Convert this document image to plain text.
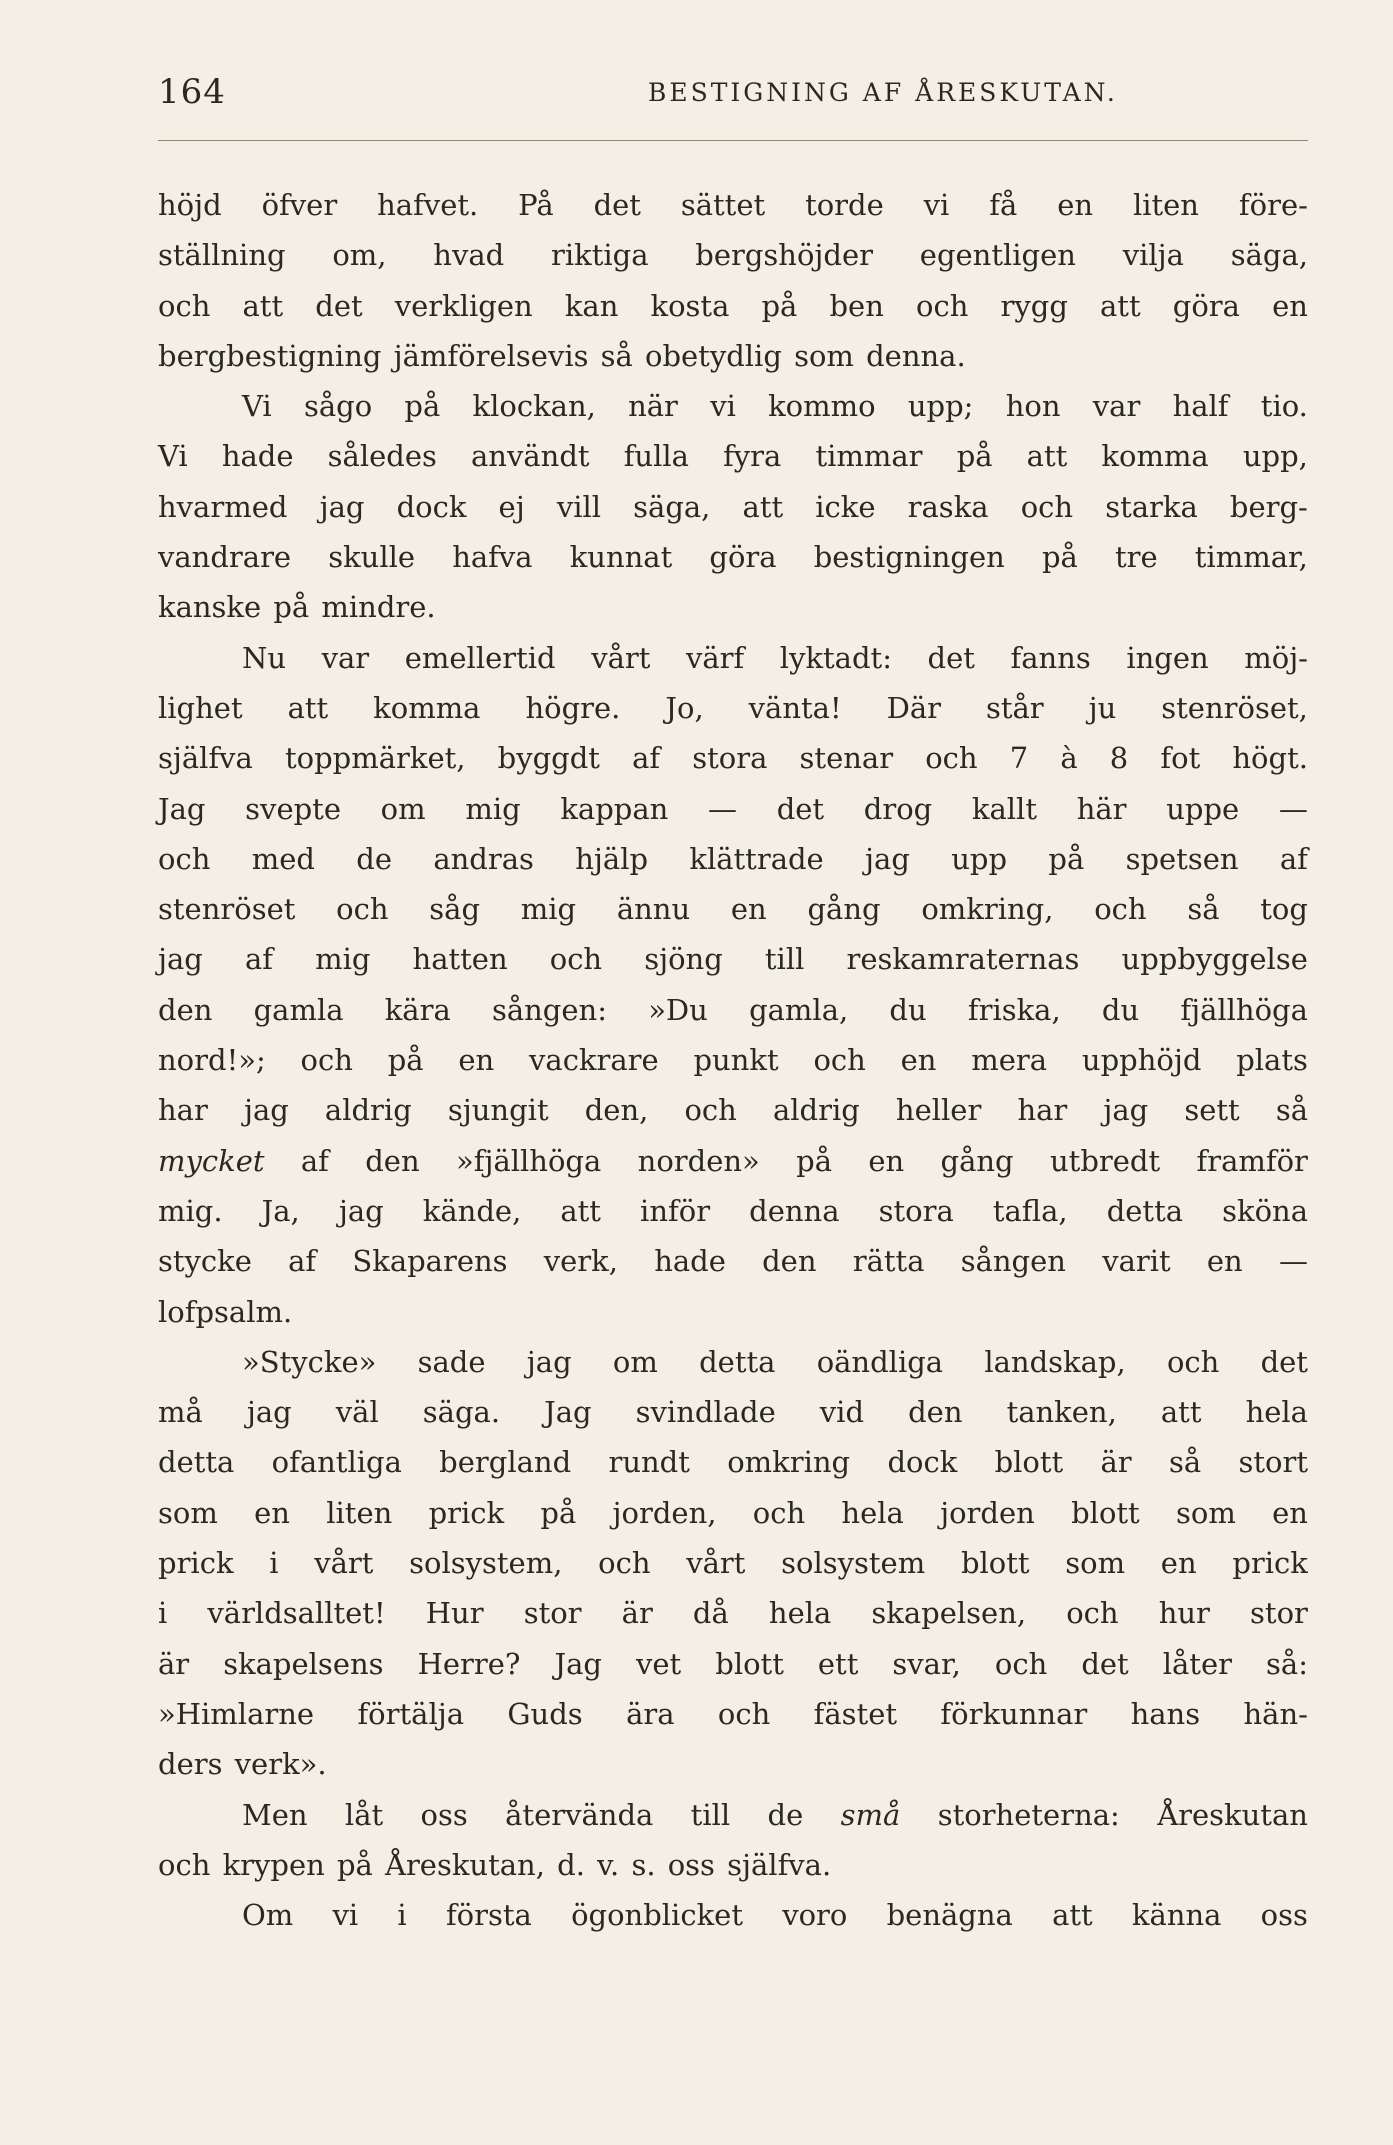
164	BESTIGNING AF ÅRESKUTAN.
höjd öfver hafvet. På det sättet torde vi få en liten före-
ställning om, hvad riktiga bergshöjder egentligen vilja säga,
och att det verkligen kan kosta på ben och rygg att göra en
bergbestigning jämförelsevis så obetydlig som denna.
Vi sågo på klockan, när vi kommo upp; hon var half tio.
Vi hade således användt fulla fyra timmar på att komma upp,
hvarmed jag dock ej vill säga, att icke raska och starka berg-
vandrare skulle hafva kunnat göra bestigningen på tre timmar,
kanske på mindre.
Nu var emellertid vårt värf lyktadt: det fanns ingen möj-
lighet att komma högre. Jo, vänta! Där står ju stenröset,
själfva toppmärket, byggdt af stora stenar och 7 à 8 fot högt.
Jag svepte om mig kappan — det drog kallt här uppe —
och med de andras hjälp klättrade jag upp på spetsen af
stenröset och såg mig ännu en gång omkring, och så tog
jag af mig hatten och sjöng till reskamraternas uppbyggelse
den gamla kära sången: »Du gamla, du friska, du fjällhöga
nord!»; och på en vackrare punkt och en mera upphöjd plats
har jag aldrig sjungit den, och aldrig heller har jag sett så
mycket af den »fjällhöga norden» på en gång utbredt framför
mig. Ja, jag kände, att inför denna stora tafla, detta sköna
stycke af Skaparens verk, hade den rätta sången varit en —
lofpsalm.
»Stycke» sade jag om detta oändliga landskap, och det
må jag väl säga. Jag svindlade vid den tanken, att hela
detta ofantliga bergland rundt omkring dock blott är så stort
som en liten prick på jorden, och hela jorden blott som en
prick i vårt solsystem, och vårt solsystem blott som en prick
i världsalltet! Hur stor är då hela skapelsen, och hur stor
är skapelsens Herre? Jag vet blott ett svar, och det låter så:
»Himlarne förtälja Guds ära och fästet förkunnar hans hän-
ders verk».
Men låt oss återvända till de små storheterna: Åreskutan
och krypen på Åreskutan, d. v. s. oss själfva.
Om vi i första ögonblicket voro benägna att känna oss
